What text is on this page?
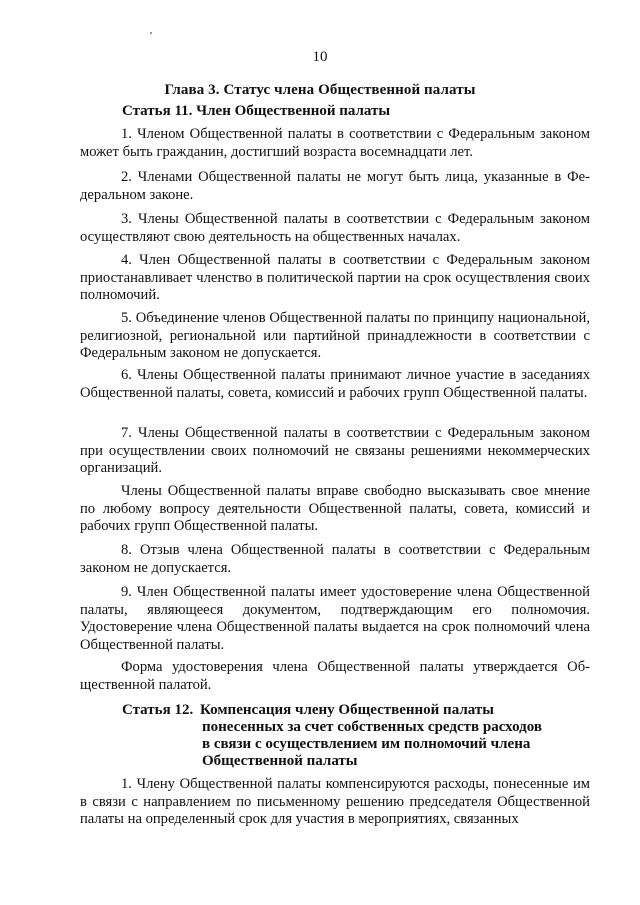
10
Глава 3. Статус члена Общественной палаты
Статья 11. Член Общественной палаты

1. Членом Общественной палаты в соответствии с Федеральным законом может быть гражданин, достигший возраста восемнадцати лет.

2. Членами Общественной палаты не могут быть лица, указанные в Федеральном законе.

3. Члены Общественной палаты в соответствии с Федеральным законом осуществляют свою деятельность на общественных началах.

4. Член Общественной палаты в соответствии с Федеральным законом приостанавливает членство в политической партии на срок осуществления своих полномочий.

5. Объединение членов Общественной палаты по принципу национальной, религиозной, региональной или партийной принадлежности в соответствии с Федеральным законом не допускается.

6. Члены Общественной палаты принимают личное участие в заседаниях Общественной палаты, совета, комиссий и рабочих групп Общественной палаты.

7. Члены Общественной палаты в соответствии с Федеральным законом при осуществлении своих полномочий не связаны решениями некоммерческих организаций.

Члены Общественной палаты вправе свободно высказывать свое мнение по любому вопросу деятельности Общественной палаты, совета, комиссий и рабочих групп Общественной палаты.

8. Отзыв члена Общественной палаты в соответствии с Федеральным законом не допускается.

9. Член Общественной палаты имеет удостоверение члена Общественной палаты, являющееся документом, подтверждающим его полномочия. Удостоверение члена Общественной палаты выдается на срок полномочий члена Общественной палаты.

Форма удостоверения члена Общественной палаты утверждается Общественной палатой.

Статья 12. Компенсация члену Общественной палаты
понесенных за счет собственных средств расходов
в связи с осуществлением им полномочий члена
Общественной палаты

1. Члену Общественной палаты компенсируются расходы, понесенные им в связи с направлением по письменному решению председателя Общественной палаты на определенный срок для участия в мероприятиях, связанных
